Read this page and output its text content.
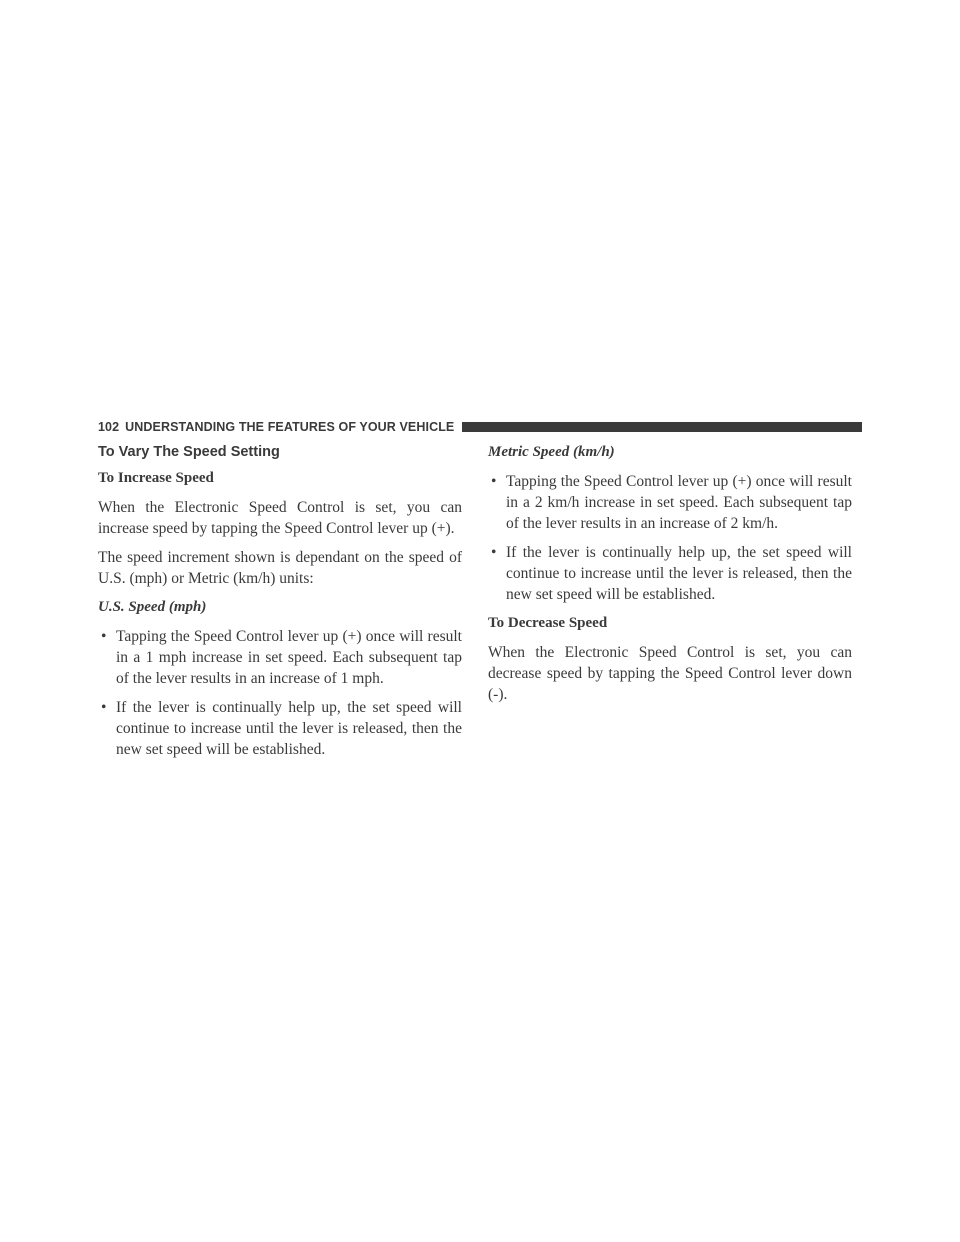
102 UNDERSTANDING THE FEATURES OF YOUR VEHICLE
To Vary The Speed Setting
To Increase Speed

When the Electronic Speed Control is set, you can increase speed by tapping the Speed Control lever up (+).

The speed increment shown is dependant on the speed of U.S. (mph) or Metric (km/h) units:

U.S. Speed (mph)
• Tapping the Speed Control lever up (+) once will result in a 1 mph increase in set speed. Each subsequent tap of the lever results in an increase of 1 mph.
• If the lever is continually help up, the set speed will continue to increase until the lever is released, then the new set speed will be established.
Metric Speed (km/h)
• Tapping the Speed Control lever up (+) once will result in a 2 km/h increase in set speed. Each subsequent tap of the lever results in an increase of 2 km/h.
• If the lever is continually help up, the set speed will continue to increase until the lever is released, then the new set speed will be established.
To Decrease Speed

When the Electronic Speed Control is set, you can decrease speed by tapping the Speed Control lever down (-).
